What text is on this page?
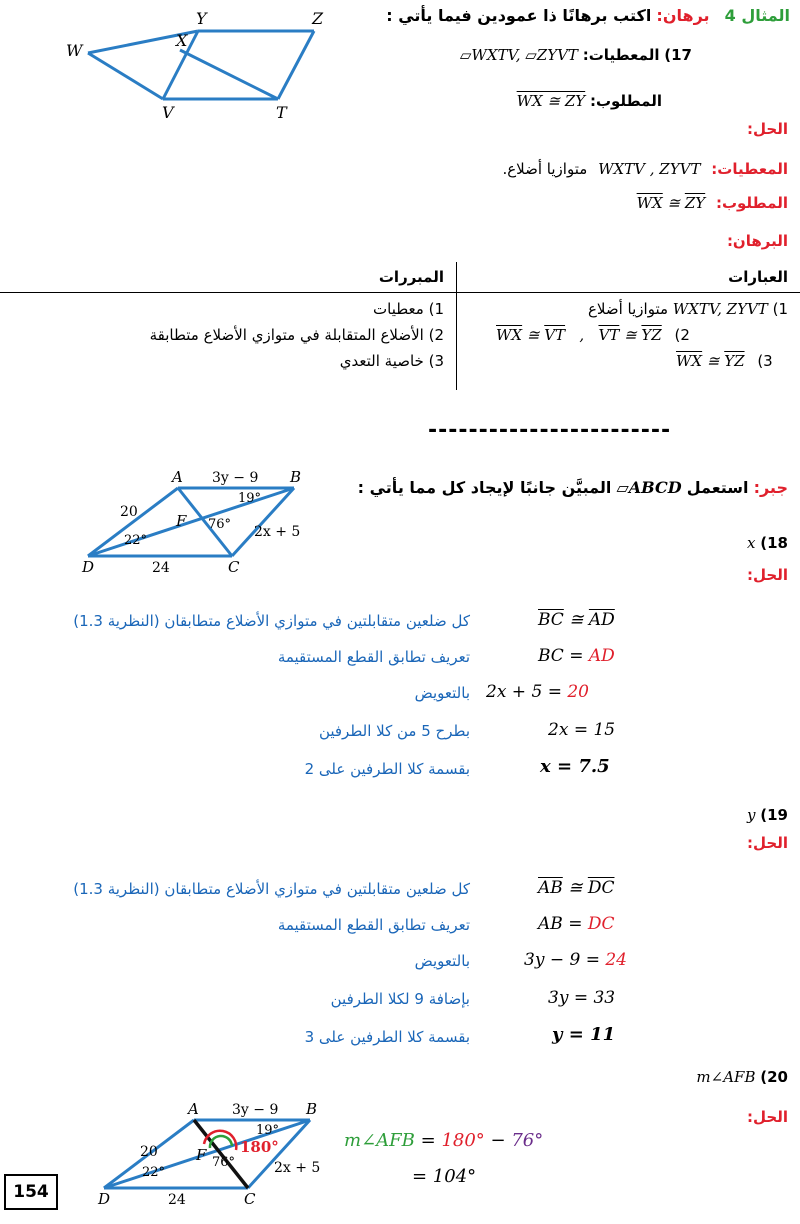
Y	Z
W
X
V	T
المثال 4 برهان: اكتب برهانًا ذا عمودين فيما يأتي :
17) المعطيات: ▱WXTV, ▱ZYVT
المطلوب: WX ≅ ZY
الحل:
المعطيات: WXTV , ZYVT متوازيا أضلاع.
المطلوب: $\overline{WX}$ ≅ $\overline{ZY}$
البرهان:
العبارات
المبررات
1) WXTV, ZYVT متوازيا أضلاع
1) معطيات
$\overline{WX}$ ≅ $\overline{VT}$   ,   $\overline{VT}$ ≅ $\overline{YZ}$ (2
2) الأضلاع المتقابلة في متوازي الأضلاع متطابقة
$\overline{WX}$ ≅ $\overline{YZ}$ (3
3) خاصية التعدي
------------------------
A	B
D	C
F
3y − 9
20
24
2x + 5
19°
22°
76°
جبر: استعمل ▱ABCD المبيَّن جانبًا لإيجاد كل مما يأتي :
x (18
الحل:
$\overline{BC}$ ≅ $\overline{AD}$
كل ضلعين متقابلتين في متوازي الأضلاع متطابقان (النظرية 1.3)
BC = AD
تعريف تطابق القطع المستقيمة
2x + 5 = 20
بالتعويض
2x = 15
بطرح 5 من كلا الطرفين
x = 7.5
بقسمة كلا الطرفين على 2
y (19
الحل:
$\overline{AB}$ ≅ $\overline{DC}$
كل ضلعين متقابلتين في متوازي الأضلاع متطابقان (النظرية 1.3)
AB = DC
تعريف تطابق القطع المستقيمة
3y − 9 = 24
بالتعويض
3y = 33
بإضافة 9 لكلا الطرفين
y = 11
بقسمة كلا الطرفين على 3
m∠AFB (20
الحل:
A	B
D	C
F
3y − 9
20
24
2x + 5
19°
22°
76°
180°	m∠AFB = 180° − 76°
= 104°
154
